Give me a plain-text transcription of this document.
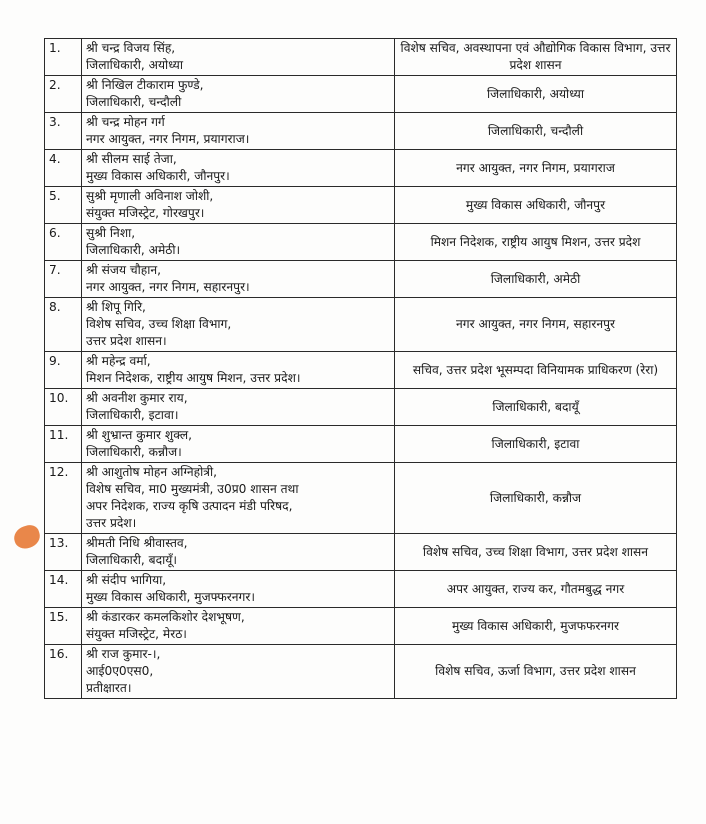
1.	श्री चन्द्र विजय सिंह,
जिलाधिकारी, अयोध्या	विशेष सचिव, अवस्थापना एवं औद्योगिक विकास विभाग, उत्तर प्रदेश शासन
2.	श्री निखिल टीकाराम फुण्डे,
जिलाधिकारी, चन्दौली	जिलाधिकारी, अयोध्या
3.	श्री चन्द्र मोहन गर्ग
नगर आयुक्त, नगर निगम, प्रयागराज।	जिलाधिकारी, चन्दौली
4.	श्री सीलम साई तेजा,
मुख्य विकास अधिकारी, जौनपुर।	नगर आयुक्त, नगर निगम, प्रयागराज
5.	सुश्री मृणाली अविनाश जोशी,
संयुक्त मजिस्ट्रेट, गोरखपुर।	मुख्य विकास अधिकारी, जौनपुर
6.	सुश्री निशा,
जिलाधिकारी, अमेठी।	मिशन निदेशक, राष्ट्रीय आयुष मिशन, उत्तर प्रदेश
7.	श्री संजय चौहान,
नगर आयुक्त, नगर निगम, सहारनपुर।	जिलाधिकारी, अमेठी
8.	श्री शिपू गिरि,
विशेष सचिव, उच्च शिक्षा विभाग,
उत्तर प्रदेश शासन।	नगर आयुक्त, नगर निगम, सहारनपुर
9.	श्री महेन्द्र वर्मा,
मिशन निदेशक, राष्ट्रीय आयुष मिशन, उत्तर प्रदेश।	सचिव, उत्तर प्रदेश भूसम्पदा विनियामक प्राधिकरण (रेरा)
10.	श्री अवनीश कुमार राय,
जिलाधिकारी, इटावा।	जिलाधिकारी, बदायूँ
11.	श्री शुभ्रान्त कुमार शुक्ल,
जिलाधिकारी, कन्नौज।	जिलाधिकारी, इटावा
12.	श्री आशुतोष मोहन अग्निहोत्री,
विशेष सचिव, मा0 मुख्यमंत्री, उ0प्र0 शासन तथा
अपर निदेशक, राज्य कृषि उत्पादन मंडी परिषद,
उत्तर प्रदेश।	जिलाधिकारी, कन्नौज
13.	श्रीमती निधि श्रीवास्तव,
जिलाधिकारी, बदायूँ।	विशेष सचिव, उच्च शिक्षा विभाग, उत्तर प्रदेश शासन
14.	श्री संदीप भागिया,
मुख्य विकास अधिकारी, मुजफ्फरनगर।	अपर आयुक्त, राज्य कर, गौतमबुद्ध नगर
15.	श्री कंडारकर कमलकिशोर देशभूषण,
संयुक्त मजिस्ट्रेट, मेरठ।	मुख्य विकास अधिकारी, मुजफफरनगर
16.	श्री राज कुमार-।,
आई0ए0एस0,
प्रतीक्षारत।	विशेष सचिव, ऊर्जा विभाग, उत्तर प्रदेश शासन
